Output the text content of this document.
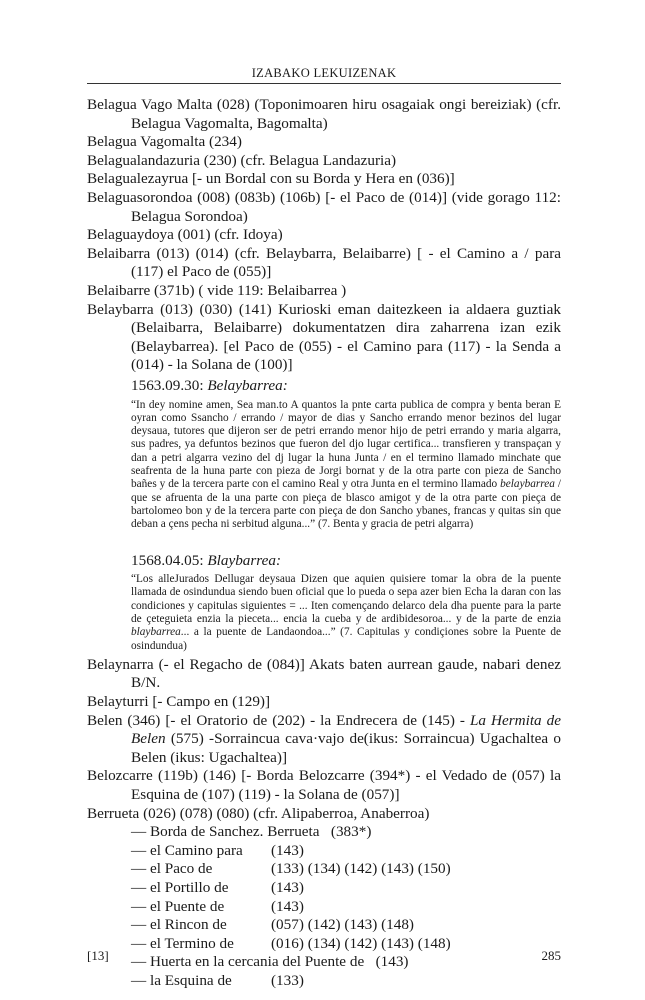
IZABAKO LEKUIZENAK
Belagua Vago Malta (028) (Toponimoaren hiru osagaiak ongi bereiziak) (cfr. Belagua Vagomalta, Bagomalta)
Belagua Vagomalta (234)
Belagualandazuria (230) (cfr. Belagua Landazuria)
Belagualezayrua [- un Bordal con su Borda y Hera en (036)]
Belaguasorondoa (008) (083b) (106b) [- el Paco de (014)] (vide gorago 112: Belagua Sorondoa)
Belaguaydoya (001) (cfr. Idoya)
Belaibarra (013) (014) (cfr. Belaybarra, Belaibarre) [ - el Camino a / para (117) el Paco de (055)]
Belaibarre (371b) ( vide 119: Belaibarrea )
Belaybarra (013) (030) (141) Kurioski eman daitezkeen ia aldaera guztiak (Belaibarra, Belaibarre) dokumentatzen dira zaharrena izan ezik (Belaybarrea). [el Paco de (055) - el Camino para (117) - la Senda a (014) - la Solana de (100)]
1563.09.30: Belaybarrea:
“In dey nomine amen, Sea man.to A quantos la pnte carta publica de compra y benta beran E oyran como Ssancho / errando / mayor de dias y Sancho errando menor bezinos del lugar deysaua, tutores que dijeron ser de petri errando menor hijo de petri errando y maria algarra, sus padres, ya defuntos bezinos que fueron del djo lugar certifica... transfieren y transpaçan y dan a petri algarra vezino del dj lugar la huna Junta / en el termino llamado minchate que seafrenta de la huna parte con pieza de Jorgi bornat y de la otra parte con pieza de Sancho bañes y de la tercera parte con el camino Real y otra Junta en el termino llamado belaybarrea / que se afruenta de la una parte con pieça de blasco amigot y de la otra parte con pieça de bartolomeo bon y de la tercera parte con pieça de don Sancho ybanes, francas y quitas sin que deban a çens pecha ni serbitud alguna...” (7. Benta y gracia de petri algarra)
1568.04.05: Blaybarrea:
“Los alleJurados Dellugar deysaua Dizen que aquien quisiere tomar la obra de la puente llamada de osindundua siendo buen oficial que lo pueda o sepa azer bien Echa la daran con las condiciones y capitulas siguientes = ... Iten començando delarco dela dha puente para la parte de çeteguieta enzia la pieceta... encia la cueba y de ardibidesoroa... y de la parte de enzia blaybarrea... a la puente de Landaondoa...” (7. Capitulas y condiçiones sobre la Puente de osindundua)
Belaynarra (- el Regacho de (084)] Akats baten aurrean gaude, nabari denez B/N.
Belayturri [- Campo en (129)]
Belen (346) [- el Oratorio de (202) - la Endrecera de (145) - La Hermita de Belen (575) -Sorraincua cava·vajo de(ikus: Sorraincua) Ugachaltea o Belen (ikus: Ugachaltea)]
Belozcarre (119b) (146) [- Borda Belozcarre (394*) - el Vedado de (057) la Esquina de (107) (119) - la Solana de (057)]
Berrueta (026) (078) (080) (cfr. Alipaberroa, Anaberroa)
— Borda de Sanchez. Berrueta   (383*)
— el Camino para (143)
— el Paco de	(133) (134) (142) (143) (150)
— el Portillo de	(143)
— el Puente de	(143)
— el Rincon de	(057) (142) (143) (148)
— el Termino de (016) (134) (142) (143) (148)
— Huerta en la cercania del Puente de   (143)
— la Esquina de	(133)
[13]	285
